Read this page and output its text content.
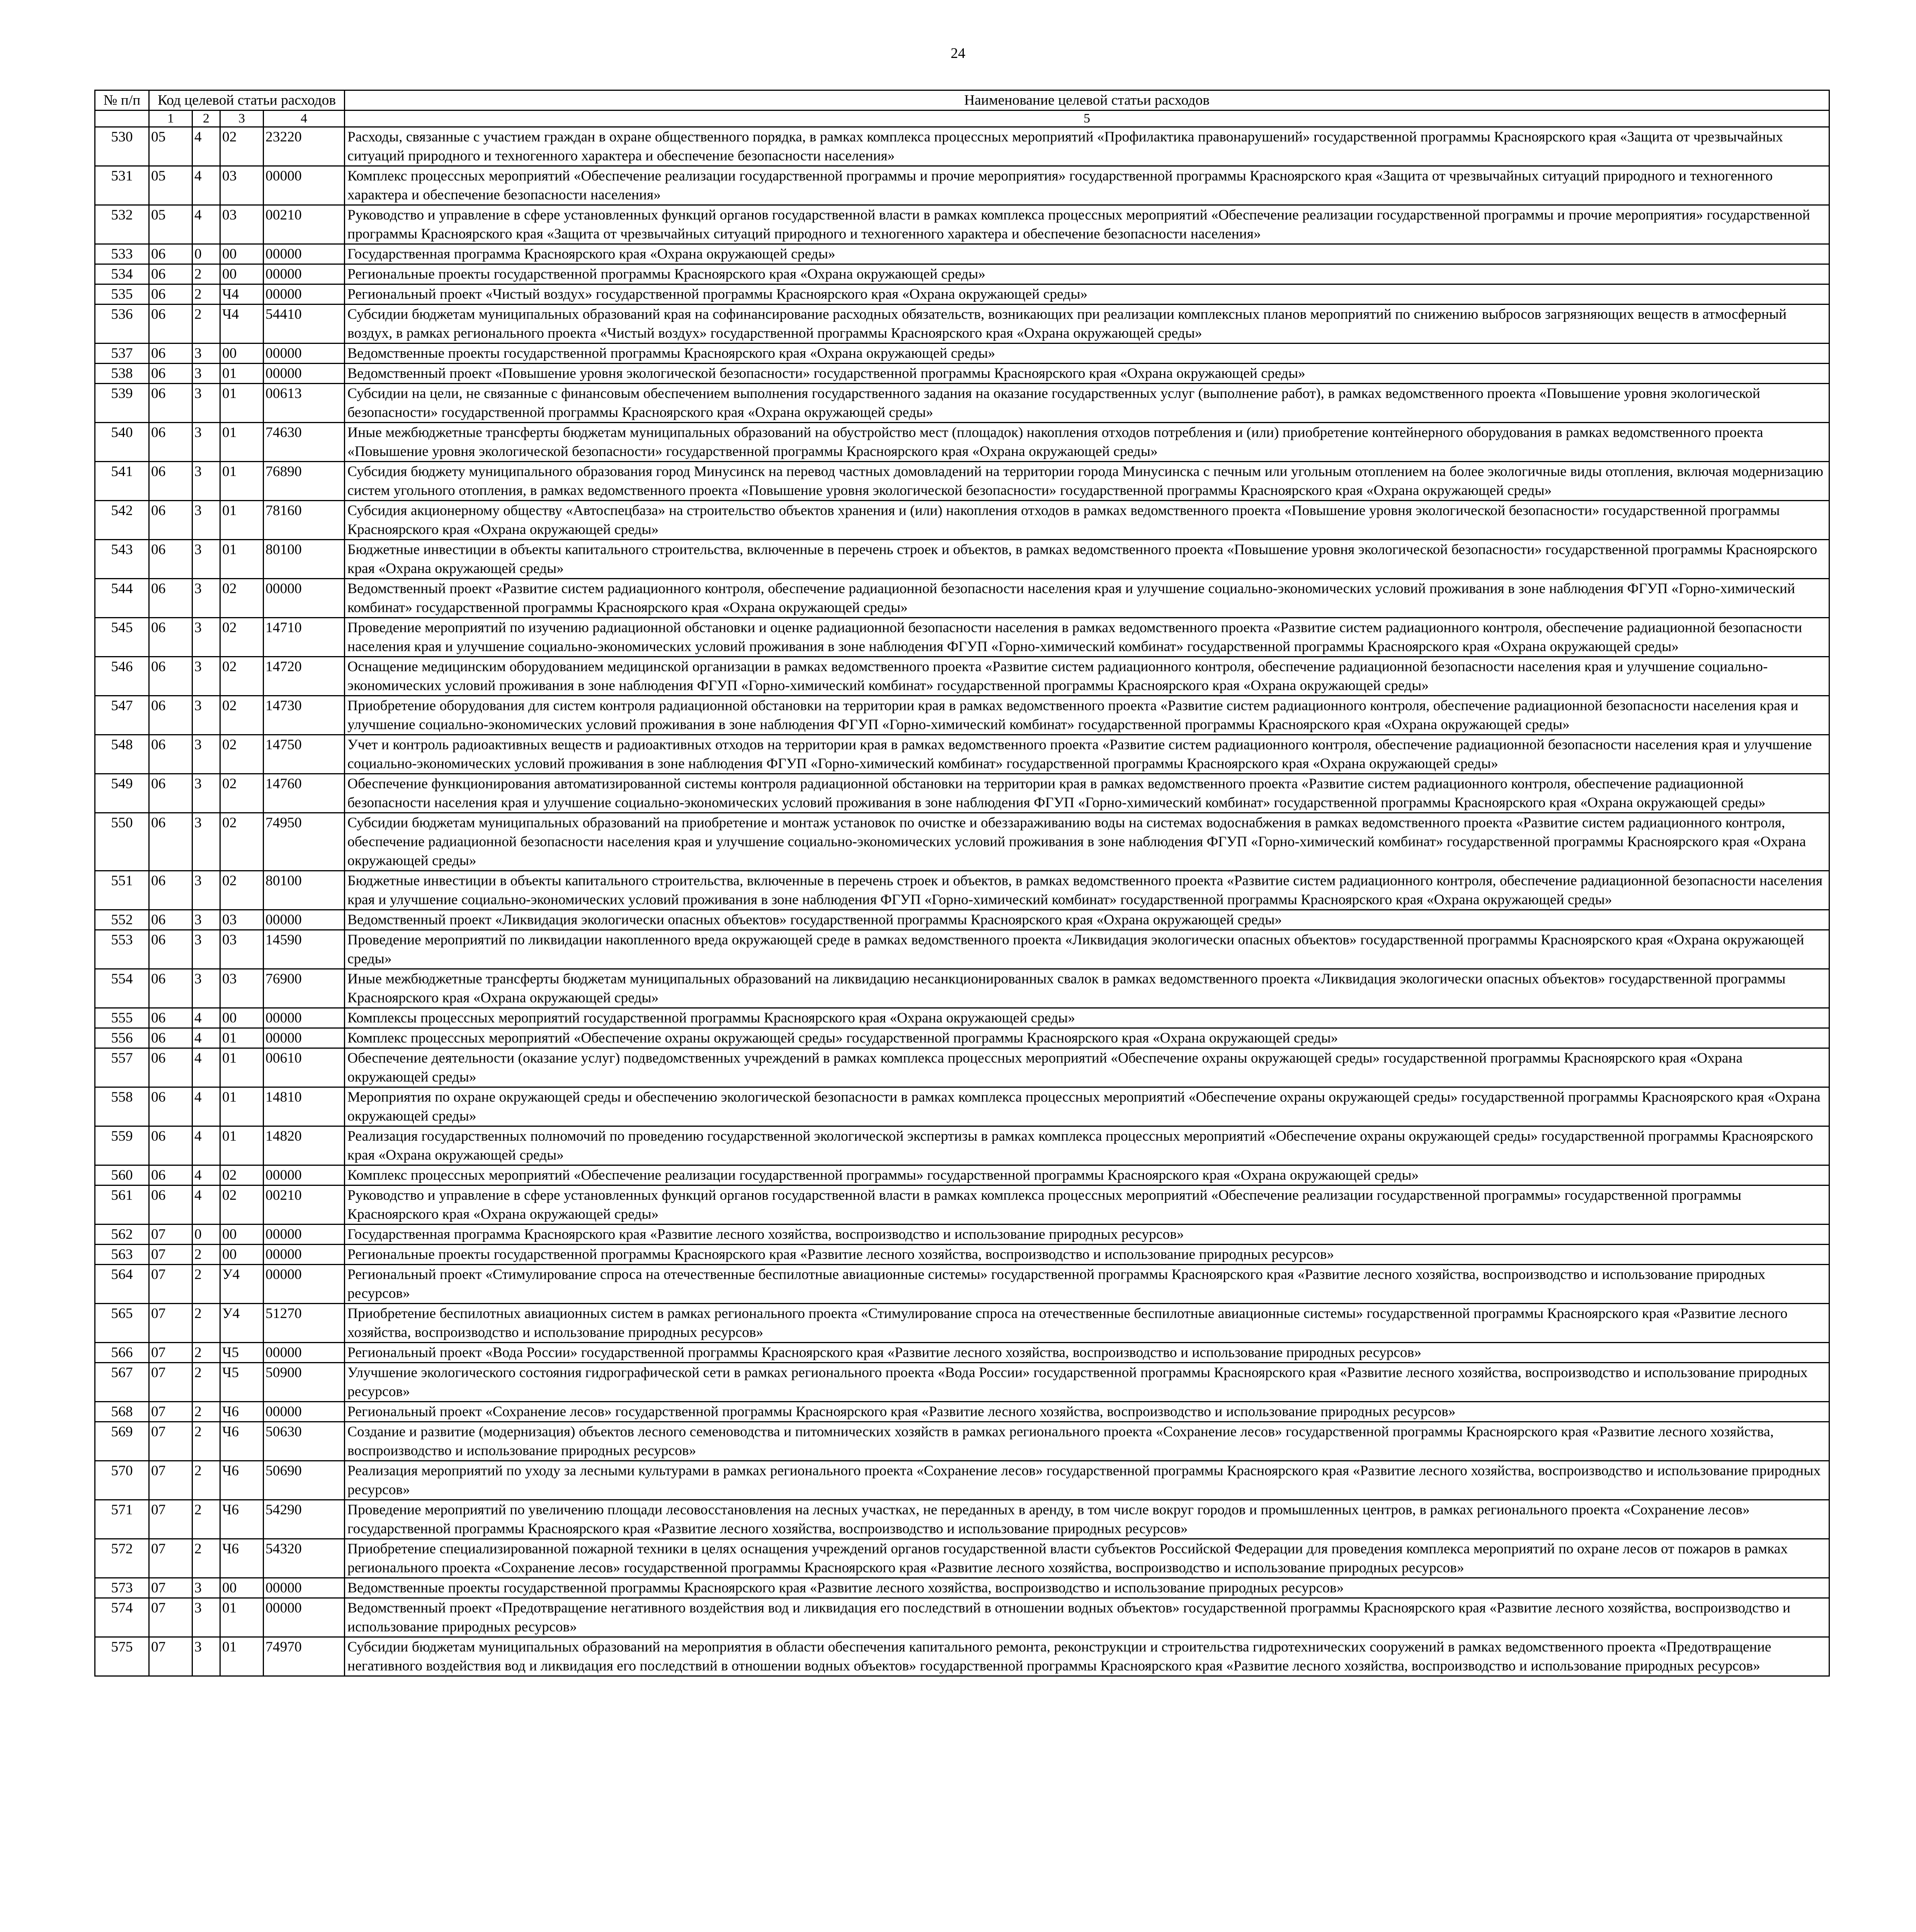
24
№ п/п	Код целевой статьи расходов				Наименование целевой статьи расходов

	1	2	3	4	5
530	05	4	02	23220	Расходы, связанные с участием граждан в охране общественного порядка, в рамках комплекса процессных мероприятий «Профилактика правонарушений» государственной программы Красноярского края «Защита от чрезвычайных ситуаций природного и техногенного характера и обеспечение безопасности населения»
531	05	4	03	00000	Комплекс процессных мероприятий «Обеспечение реализации государственной программы и прочие мероприятия» государственной программы Красноярского края «Защита от чрезвычайных ситуаций природного и техногенного характера и обеспечение безопасности населения»
532	05	4	03	00210	Руководство и управление в сфере установленных функций органов государственной власти в рамках комплекса процессных мероприятий «Обеспечение реализации государственной программы и прочие мероприятия» государственной программы Красноярского края «Защита от чрезвычайных ситуаций природного и техногенного характера и обеспечение безопасности населения»
533	06	0	00	00000	Государственная программа Красноярского края «Охрана окружающей среды»
534	06	2	00	00000	Региональные проекты государственной программы Красноярского края «Охрана окружающей среды»
535	06	2	Ч4	00000	Региональный проект «Чистый воздух» государственной программы Красноярского края «Охрана окружающей среды»
536	06	2	Ч4	54410	Субсидии бюджетам муниципальных образований края на софинансирование расходных обязательств, возникающих при реализации комплексных планов мероприятий по снижению выбросов загрязняющих веществ в атмосферный воздух, в рамках регионального проекта «Чистый воздух» государственной программы Красноярского края «Охрана окружающей среды»
537	06	3	00	00000	Ведомственные проекты государственной программы Красноярского края «Охрана окружающей среды»
538	06	3	01	00000	Ведомственный проект «Повышение уровня экологической безопасности» государственной программы Красноярского края «Охрана окружающей среды»
539	06	3	01	00613	Субсидии на цели, не связанные с финансовым обеспечением выполнения государственного задания на оказание государственных услуг (выполнение работ), в рамках ведомственного проекта «Повышение уровня экологической безопасности» государственной программы Красноярского края «Охрана окружающей среды»
540	06	3	01	74630	Иные межбюджетные трансферты бюджетам муниципальных образований на обустройство мест (площадок) накопления отходов потребления и (или) приобретение контейнерного оборудования в рамках ведомственного проекта «Повышение уровня экологической безопасности» государственной программы Красноярского края «Охрана окружающей среды»
541	06	3	01	76890	Субсидия бюджету муниципального образования город Минусинск на перевод частных домовладений на территории города Минусинска с печным или угольным отоплением на более экологичные виды отопления, включая модернизацию систем угольного отопления, в рамках ведомственного проекта «Повышение уровня экологической безопасности» государственной программы Красноярского края «Охрана окружающей среды»
542	06	3	01	78160	Субсидия акционерному обществу «Автоспецбаза» на строительство объектов хранения и (или) накопления отходов в рамках ведомственного проекта «Повышение уровня экологической безопасности» государственной программы Красноярского края «Охрана окружающей среды»
543	06	3	01	80100	Бюджетные инвестиции в объекты капитального строительства, включенные в перечень строек и объектов, в рамках ведомственного проекта «Повышение уровня экологической безопасности» государственной программы Красноярского края «Охрана окружающей среды»
544	06	3	02	00000	Ведомственный проект «Развитие систем радиационного контроля, обеспечение радиационной безопасности населения края и улучшение социально-экономических условий проживания в зоне наблюдения ФГУП «Горно-химический комбинат» государственной программы Красноярского края «Охрана окружающей среды»
545	06	3	02	14710	Проведение мероприятий по изучению радиационной обстановки и оценке радиационной безопасности населения в рамках ведомственного проекта «Развитие систем радиационного контроля, обеспечение радиационной безопасности населения края и улучшение социально-экономических условий проживания в зоне наблюдения ФГУП «Горно-химический комбинат» государственной программы Красноярского края «Охрана окружающей среды»
546	06	3	02	14720	Оснащение медицинским оборудованием медицинской организации в рамках ведомственного проекта «Развитие систем радиационного контроля, обеспечение радиационной безопасности населения края и улучшение социально-экономических условий проживания в зоне наблюдения ФГУП «Горно-химический комбинат» государственной программы Красноярского края «Охрана окружающей среды»
547	06	3	02	14730	Приобретение оборудования для систем контроля радиационной обстановки на территории края в рамках ведомственного проекта «Развитие систем радиационного контроля, обеспечение радиационной безопасности населения края и улучшение социально-экономических условий проживания в зоне наблюдения ФГУП «Горно-химический комбинат» государственной программы Красноярского края «Охрана окружающей среды»
548	06	3	02	14750	Учет и контроль радиоактивных веществ и радиоактивных отходов на территории края в рамках ведомственного проекта «Развитие систем радиационного контроля, обеспечение радиационной безопасности населения края и улучшение социально-экономических условий проживания в зоне наблюдения ФГУП «Горно-химический комбинат» государственной программы Красноярского края «Охрана окружающей среды»
549	06	3	02	14760	Обеспечение функционирования автоматизированной системы контроля радиационной обстановки на территории края в рамках ведомственного проекта «Развитие систем радиационного контроля, обеспечение радиационной безопасности населения края и улучшение социально-экономических условий проживания в зоне наблюдения ФГУП «Горно-химический комбинат» государственной программы Красноярского края «Охрана окружающей среды»
550	06	3	02	74950	Субсидии бюджетам муниципальных образований на приобретение и монтаж установок по очистке и обеззараживанию воды на системах водоснабжения в рамках ведомственного проекта «Развитие систем радиационного контроля, обеспечение радиационной безопасности населения края и улучшение социально-экономических условий проживания в зоне наблюдения ФГУП «Горно-химический комбинат» государственной программы Красноярского края «Охрана окружающей среды»
551	06	3	02	80100	Бюджетные инвестиции в объекты капитального строительства, включенные в перечень строек и объектов, в рамках ведомственного проекта «Развитие систем радиационного контроля, обеспечение радиационной безопасности населения края и улучшение социально-экономических условий проживания в зоне наблюдения ФГУП «Горно-химический комбинат» государственной программы Красноярского края «Охрана окружающей среды»
552	06	3	03	00000	Ведомственный проект «Ликвидация экологически опасных объектов» государственной программы Красноярского края «Охрана окружающей среды»
553	06	3	03	14590	Проведение мероприятий по ликвидации накопленного вреда окружающей среде в рамках ведомственного проекта «Ликвидация экологически опасных объектов» государственной программы Красноярского края «Охрана окружающей среды»
554	06	3	03	76900	Иные межбюджетные трансферты бюджетам муниципальных образований на ликвидацию несанкционированных свалок в рамках ведомственного проекта «Ликвидация экологически опасных объектов» государственной программы Красноярского края «Охрана окружающей среды»
555	06	4	00	00000	Комплексы процессных мероприятий государственной программы Красноярского края «Охрана окружающей среды»
556	06	4	01	00000	Комплекс процессных мероприятий «Обеспечение охраны окружающей среды» государственной программы Красноярского края «Охрана окружающей среды»
557	06	4	01	00610	Обеспечение деятельности (оказание услуг) подведомственных учреждений в рамках комплекса процессных мероприятий «Обеспечение охраны окружающей среды» государственной программы Красноярского края «Охрана окружающей среды»
558	06	4	01	14810	Мероприятия по охране окружающей среды и обеспечению экологической безопасности в рамках комплекса процессных мероприятий «Обеспечение охраны окружающей среды» государственной программы Красноярского края «Охрана окружающей среды»
559	06	4	01	14820	Реализация государственных полномочий по проведению государственной экологической экспертизы в рамках комплекса процессных мероприятий «Обеспечение охраны окружающей среды» государственной программы Красноярского края «Охрана окружающей среды»
560	06	4	02	00000	Комплекс процессных мероприятий «Обеспечение реализации государственной программы» государственной программы Красноярского края «Охрана окружающей среды»
561	06	4	02	00210	Руководство и управление в сфере установленных функций органов государственной власти в рамках комплекса процессных мероприятий «Обеспечение реализации государственной программы» государственной программы Красноярского края «Охрана окружающей среды»
562	07	0	00	00000	Государственная программа Красноярского края «Развитие лесного хозяйства, воспроизводство и использование природных ресурсов»
563	07	2	00	00000	Региональные проекты государственной программы Красноярского края «Развитие лесного хозяйства, воспроизводство и использование природных ресурсов»
564	07	2	У4	00000	Региональный проект «Стимулирование спроса на отечественные беспилотные авиационные системы» государственной программы Красноярского края «Развитие лесного хозяйства, воспроизводство и использование природных ресурсов»
565	07	2	У4	51270	Приобретение беспилотных авиационных систем в рамках регионального проекта «Стимулирование спроса на отечественные беспилотные авиационные системы» государственной программы Красноярского края «Развитие лесного хозяйства, воспроизводство и использование природных ресурсов»
566	07	2	Ч5	00000	Региональный проект «Вода России» государственной программы Красноярского края «Развитие лесного хозяйства, воспроизводство и использование природных ресурсов»
567	07	2	Ч5	50900	Улучшение экологического состояния гидрографической сети в рамках регионального проекта «Вода России» государственной программы Красноярского края «Развитие лесного хозяйства, воспроизводство и использование природных ресурсов»
568	07	2	Ч6	00000	Региональный проект «Сохранение лесов» государственной программы Красноярского края «Развитие лесного хозяйства, воспроизводство и использование природных ресурсов»
569	07	2	Ч6	50630	Создание и развитие (модернизация) объектов лесного семеноводства и питомнических хозяйств в рамках регионального проекта «Сохранение лесов» государственной программы Красноярского края «Развитие лесного хозяйства, воспроизводство и использование природных ресурсов»
570	07	2	Ч6	50690	Реализация мероприятий по уходу за лесными культурами в рамках регионального проекта «Сохранение лесов» государственной программы Красноярского края «Развитие лесного хозяйства, воспроизводство и использование природных ресурсов»
571	07	2	Ч6	54290	Проведение мероприятий по увеличению площади лесовосстановления на лесных участках, не переданных в аренду, в том числе вокруг городов и промышленных центров, в рамках регионального проекта «Сохранение лесов» государственной программы Красноярского края «Развитие лесного хозяйства, воспроизводство и использование природных ресурсов»
572	07	2	Ч6	54320	Приобретение специализированной пожарной техники в целях оснащения учреждений органов государственной власти субъектов Российской Федерации для проведения комплекса мероприятий по охране лесов от пожаров в рамках регионального проекта «Сохранение лесов» государственной программы Красноярского края «Развитие лесного хозяйства, воспроизводство и использование природных ресурсов»
573	07	3	00	00000	Ведомственные проекты государственной программы Красноярского края «Развитие лесного хозяйства, воспроизводство и использование природных ресурсов»
574	07	3	01	00000	Ведомственный проект «Предотвращение негативного воздействия вод и ликвидация его последствий в отношении водных объектов» государственной программы Красноярского края «Развитие лесного хозяйства, воспроизводство и использование природных ресурсов»
575	07	3	01	74970	Субсидии бюджетам муниципальных образований на мероприятия в области обеспечения капитального ремонта, реконструкции и строительства гидротехнических сооружений в рамках ведомственного проекта «Предотвращение негативного воздействия вод и ликвидация его последствий в отношении водных объектов» государственной программы Красноярского края «Развитие лесного хозяйства, воспроизводство и использование природных ресурсов»
